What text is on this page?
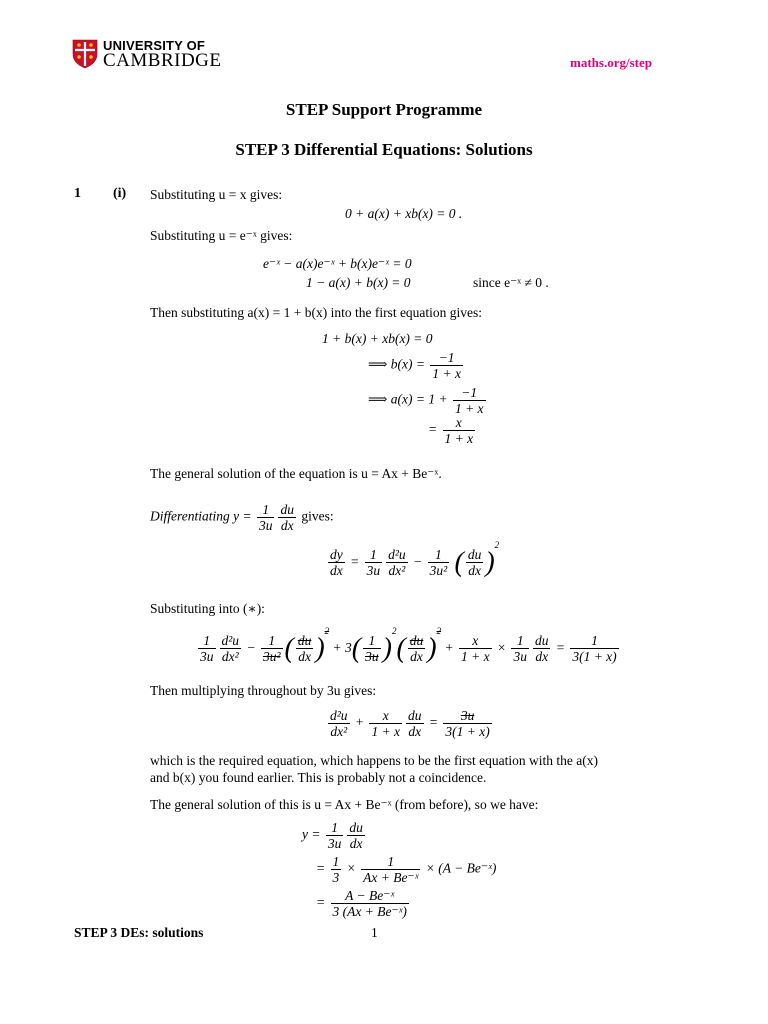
UNIVERSITY OF
CAMBRIDGE	maths.org/step
STEP Support Programme
STEP 3 Differential Equations: Solutions
1 (i) Substituting u = x gives:
0 + a(x) + xb(x) = 0 .
Substituting u = e⁻ˣ gives:
e⁻ˣ − a(x)e⁻ˣ + b(x)e⁻ˣ = 0
1 − a(x) + b(x) = 0	since e⁻ˣ ≠ 0 .
Then substituting a(x) = 1 + b(x) into the first equation gives:
1 + b(x) + xb(x) = 0
⟹ $b(x) = \frac{-1}{1 + x}$
⟹ $a(x) = 1 + \frac{-1}{1 + x}$
= $\frac{x}{1 + x}$
The general solution of the equation is u = Ax + Be⁻ˣ.
Differentiating $y = \frac{1}{3u} \frac{du}{dx}$ gives:
$\frac{dy}{dx} = \frac{1}{3u} \frac{\text{d²u}}{\text{dx²}} - \frac{1}{\text{3u²}}$ ( $\frac{du}{dx} )^2$
Substituting into (∗):
$\frac{1}{3u} \frac{\text{d²u}}{\text{dx²}} - \frac{1}{\text{3u²}}$ ( $\frac{du}{dx} )^2 + 3( \frac{1}{3u} )^2( \frac{du}{dx} )^2 + \frac{x}{1 + x} \times \frac{1}{3u} \frac{du}{dx} = \frac{1}{3(1 + x)}$
Then multiplying throughout by 3u gives:
$\frac{\text{d²u}}{\text{dx²}} + \frac{x}{1 + x} \frac{du}{dx} = \frac{3u}{3(1 + x)}$
which is the required equation, which happens to be the first equation with the a(x)
and b(x) you found earlier. This is probably not a coincidence.
The general solution of this is u = Ax + Be⁻ˣ (from before), so we have:
$y = \frac{1}{3u} \frac{du}{dx}$
= $\frac{1}{3} \times \frac{1}{\text{Ax + Be⁻ˣ}} \times (A$ − Be⁻ˣ)
= $\frac{\text{A − Be⁻ˣ}}{\text{3 (Ax + Be⁻ˣ)}}$
STEP 3 DEs: solutions	1
